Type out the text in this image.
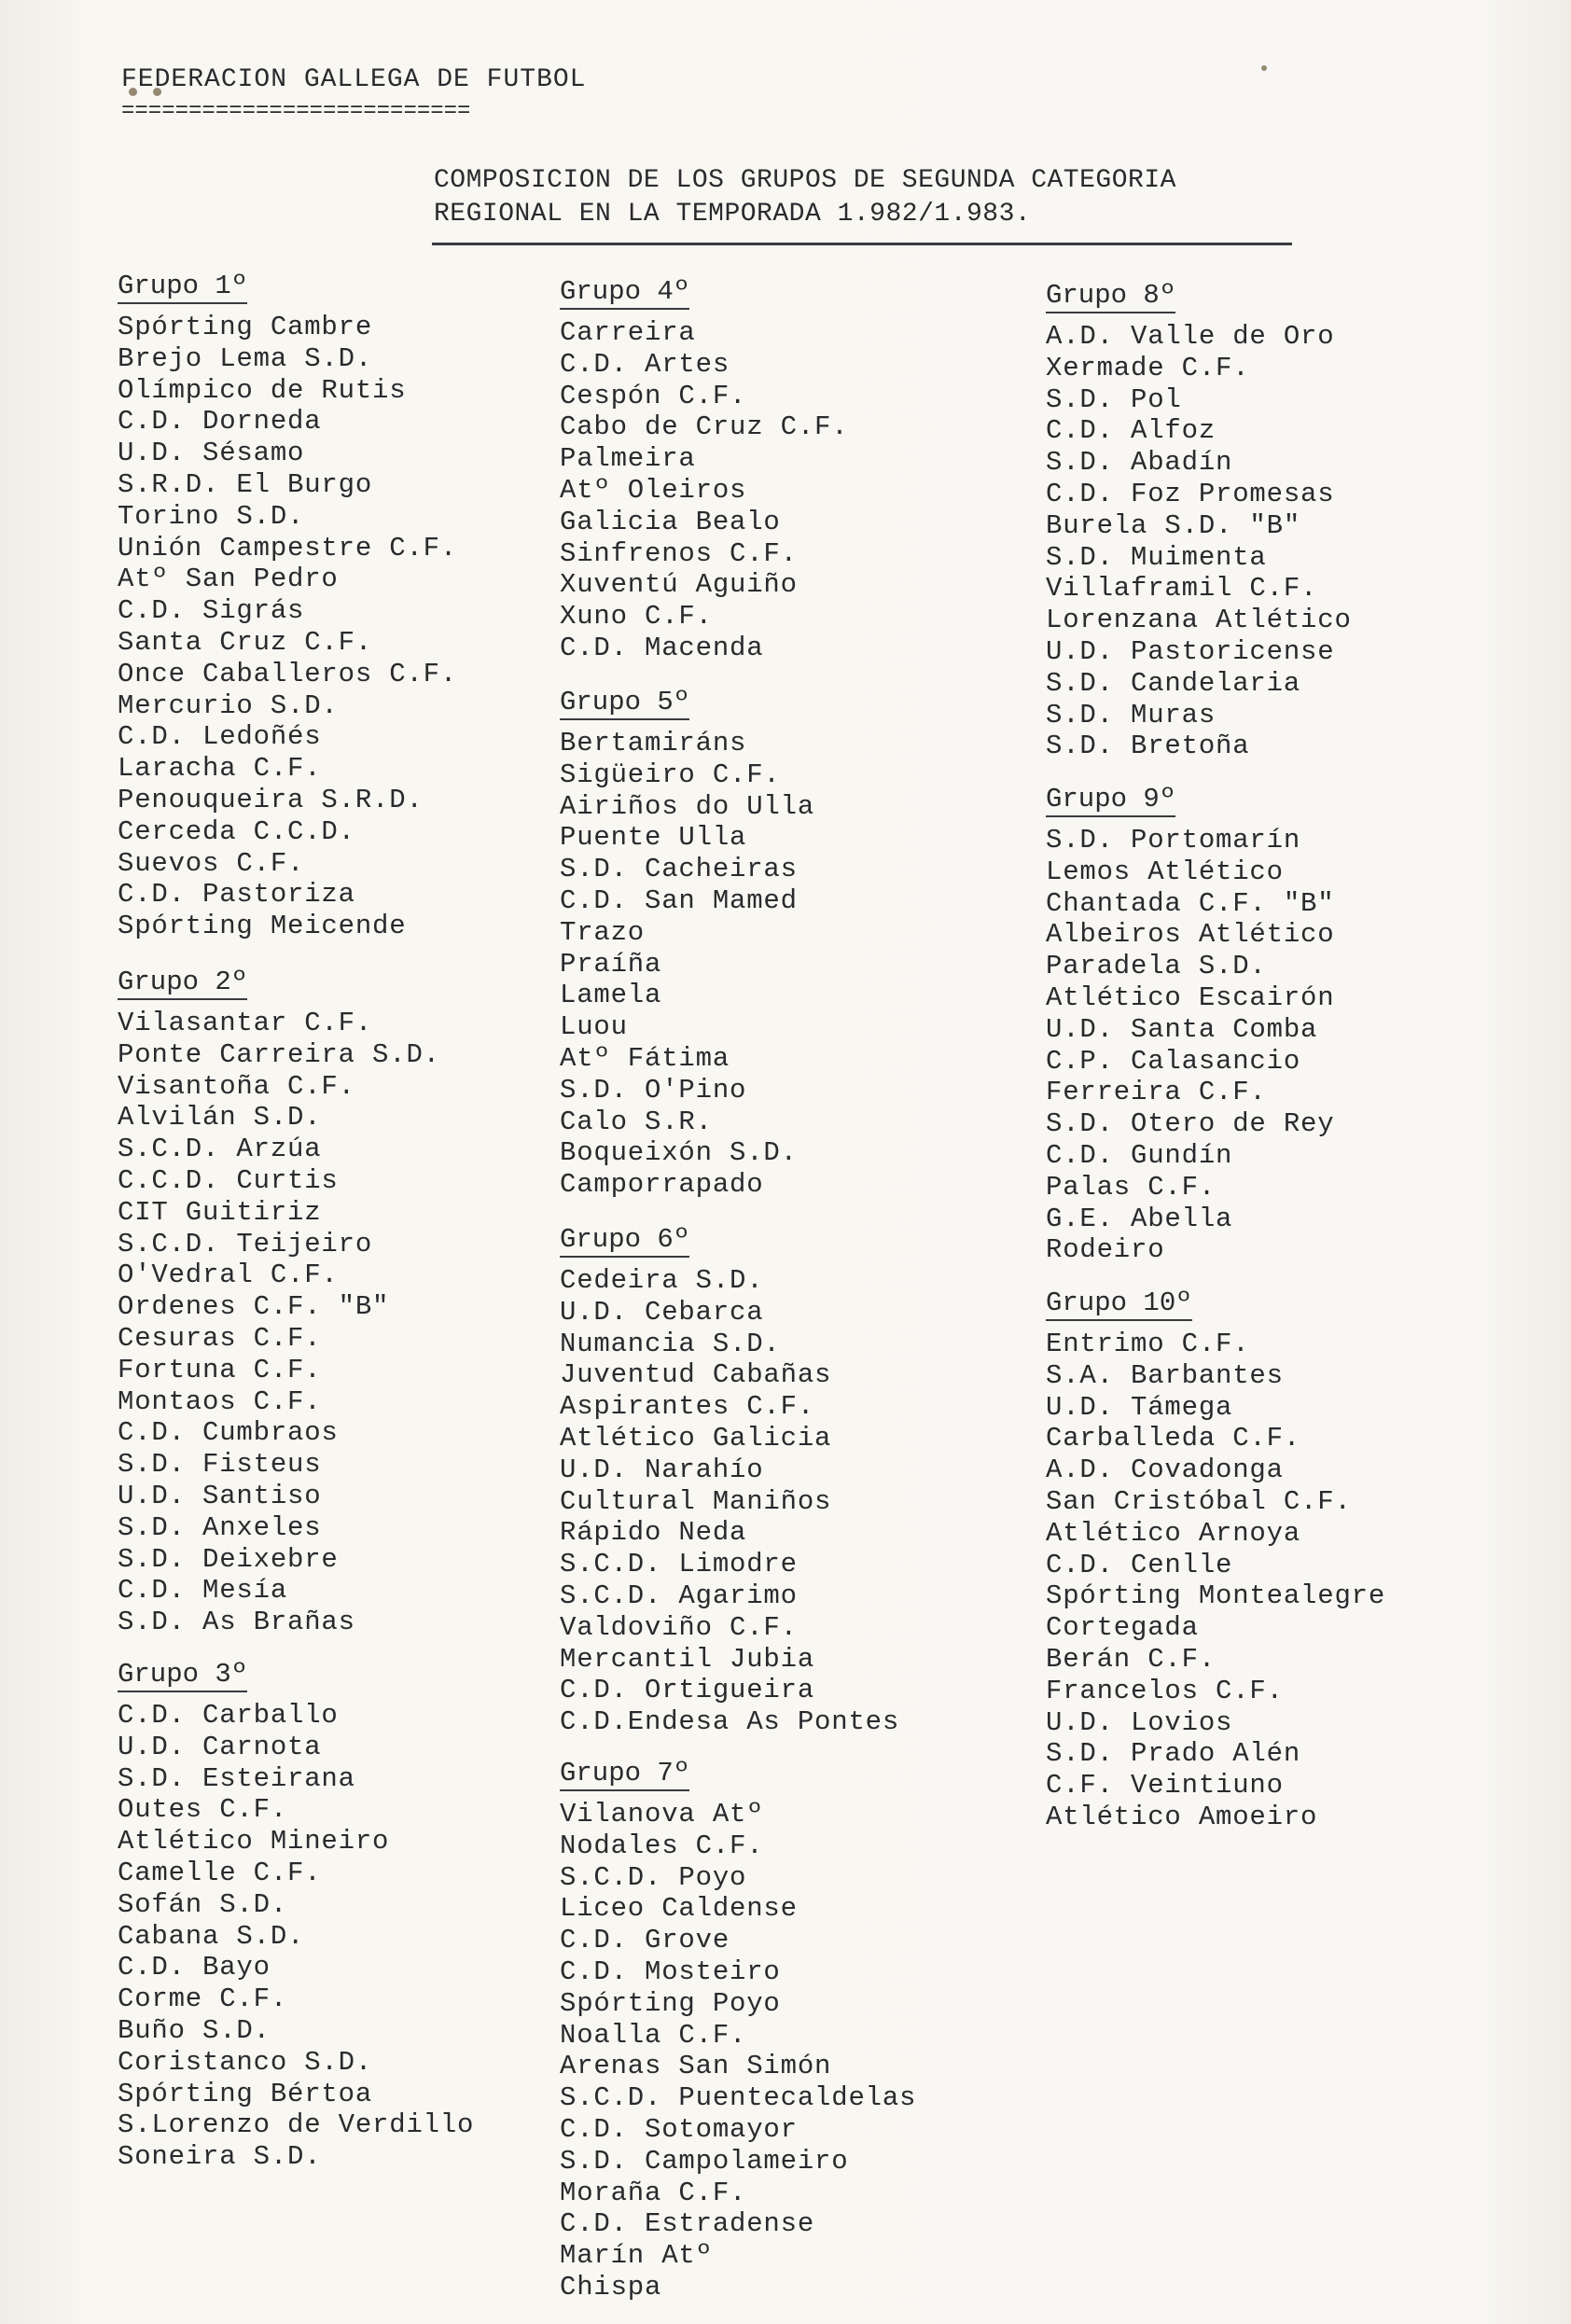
FEDERACION GALLEGA DE FUTBOL
==========================
COMPOSICION DE LOS GRUPOS DE SEGUNDA CATEGORIA
REGIONAL EN LA TEMPORADA 1.982/1.983.
Grupo 1º
Spórting Cambre
Brejo Lema S.D.
Olímpico de Rutis
C.D. Dorneda
U.D. Sésamo
S.R.D. El Burgo
Torino S.D.
Unión Campestre C.F.
Atº San Pedro
C.D. Sigrás
Santa Cruz C.F.
Once Caballeros C.F.
Mercurio S.D.
C.D. Ledoñés
Laracha C.F.
Penouqueira S.R.D.
Cerceda C.C.D.
Suevos C.F.
C.D. Pastoriza
Spórting Meicende
Grupo 2º
Vilasantar C.F.
Ponte Carreira S.D.
Visantoña C.F.
Alvilán S.D.
S.C.D. Arzúa
C.C.D. Curtis
CIT Guitiriz
S.C.D. Teijeiro
O'Vedral C.F.
Ordenes C.F. "B"
Cesuras C.F.
Fortuna C.F.
Montaos C.F.
C.D. Cumbraos
S.D. Fisteus
U.D. Santiso
S.D. Anxeles
S.D. Deixebre
C.D. Mesía
S.D. As Brañas
Grupo 3º
C.D. Carballo
U.D. Carnota
S.D. Esteirana
Outes C.F.
Atlético Mineiro
Camelle C.F.
Sofán S.D.
Cabana S.D.
C.D. Bayo
Corme C.F.
Buño S.D.
Coristanco S.D.
Spórting Bértoa
S.Lorenzo de Verdillo
Soneira S.D.
Grupo 4º
Carreira
C.D. Artes
Cespón C.F.
Cabo de Cruz C.F.
Palmeira
Atº Oleiros
Galicia Bealo
Sinfrenos C.F.
Xuventú Aguiño
Xuno C.F.
C.D. Macenda
Grupo 5º
Bertamiráns
Sigüeiro C.F.
Airiños do Ulla
Puente Ulla
S.D. Cacheiras
C.D. San Mamed
Trazo
Praíña
Lamela
Luou
Atº Fátima
S.D. O'Pino
Calo S.R.
Boqueixón S.D.
Camporrapado
Grupo 6º
Cedeira S.D.
U.D. Cebarca
Numancia S.D.
Juventud Cabañas
Aspirantes C.F.
Atlético Galicia
U.D. Narahío
Cultural Maniños
Rápido Neda
S.C.D. Limodre
S.C.D. Agarimo
Valdoviño C.F.
Mercantil Jubia
C.D. Ortigueira
C.D.Endesa As Pontes
Grupo 7º
Vilanova Atº
Nodales C.F.
S.C.D. Poyo
Liceo Caldense
C.D. Grove
C.D. Mosteiro
Spórting Poyo
Noalla C.F.
Arenas San Simón
S.C.D. Puentecaldelas
C.D. Sotomayor
S.D. Campolameiro
Moraña C.F.
C.D. Estradense
Marín Atº
Chispa
Grupo 8º
A.D. Valle de Oro
Xermade C.F.
S.D. Pol
C.D. Alfoz
S.D. Abadín
C.D. Foz Promesas
Burela S.D. "B"
S.D. Muimenta
Villaframil C.F.
Lorenzana Atlético
U.D. Pastoricense
S.D. Candelaria
S.D. Muras
S.D. Bretoña
Grupo 9º
S.D. Portomarín
Lemos Atlético
Chantada C.F. "B"
Albeiros Atlético
Paradela S.D.
Atlético Escairón
U.D. Santa Comba
C.P. Calasancio
Ferreira C.F.
S.D. Otero de Rey
C.D. Gundín
Palas C.F.
G.E. Abella
Rodeiro
Grupo 10º
Entrimo C.F.
S.A. Barbantes
U.D. Támega
Carballeda C.F.
A.D. Covadonga
San Cristóbal C.F.
Atlético Arnoya
C.D. Cenlle
Spórting Montealegre
Cortegada
Berán C.F.
Francelos C.F.
U.D. Lovios
S.D. Prado Alén
C.F. Veintiuno
Atlético Amoeiro
